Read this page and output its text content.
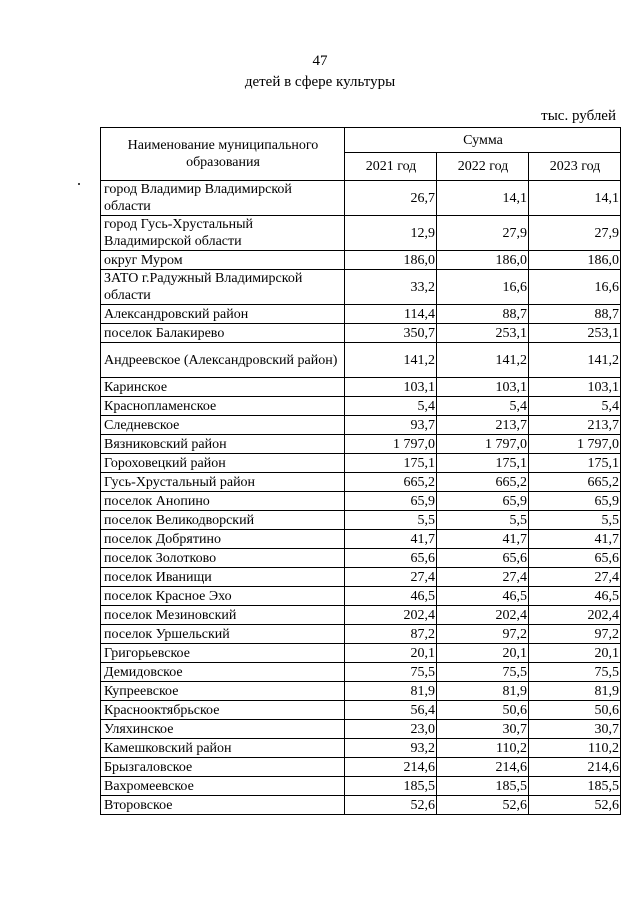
47
детей в сфере культуры
тыс. рублей
Наименование муниципального образования	Сумма		
	2021 год	2022 год	2023 год
город Владимир Владимирской области	26,7	14,1	14,1
город Гусь-Хрустальный Владимирской области	12,9	27,9	27,9
округ Муром	186,0	186,0	186,0
ЗАТО г.Радужный Владимирской области	33,2	16,6	16,6
Александровский район	114,4	88,7	88,7
поселок Балакирево	350,7	253,1	253,1
Андреевское (Александровский район)	141,2	141,2	141,2
Каринское	103,1	103,1	103,1
Краснопламенское	5,4	5,4	5,4
Следневское	93,7	213,7	213,7
Вязниковский район	1 797,0	1 797,0	1 797,0
Гороховецкий район	175,1	175,1	175,1
Гусь-Хрустальный район	665,2	665,2	665,2
поселок Анопино	65,9	65,9	65,9
поселок Великодворский	5,5	5,5	5,5
поселок Добрятино	41,7	41,7	41,7
поселок Золотково	65,6	65,6	65,6
поселок Иванищи	27,4	27,4	27,4
поселок Красное Эхо	46,5	46,5	46,5
поселок Мезиновский	202,4	202,4	202,4
поселок Уршельский	87,2	97,2	97,2
Григорьевское	20,1	20,1	20,1
Демидовское	75,5	75,5	75,5
Купреевское	81,9	81,9	81,9
Краснооктябрьское	56,4	50,6	50,6
Уляхинское	23,0	30,7	30,7
Камешковский район	93,2	110,2	110,2
Брызгаловское	214,6	214,6	214,6
Вахромеевское	185,5	185,5	185,5
Второвское	52,6	52,6	52,6
